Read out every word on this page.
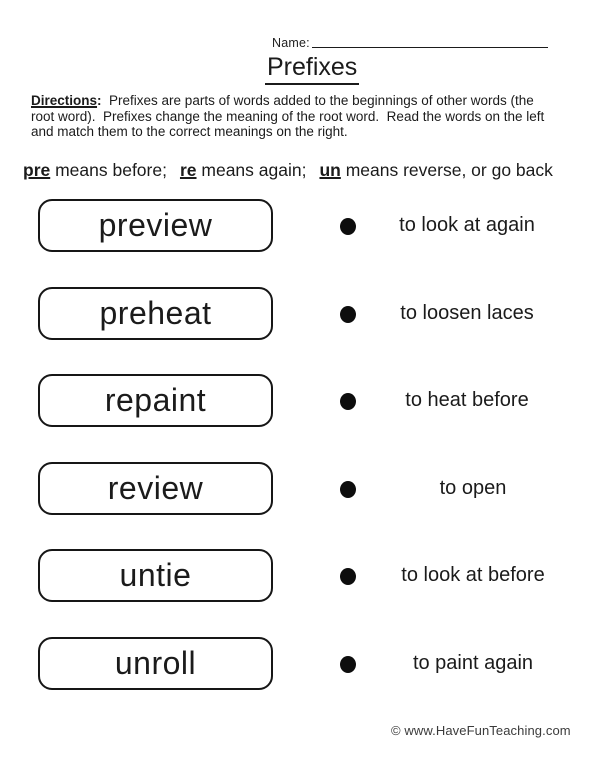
Name:
Prefixes
Directions:  Prefixes are parts of words added to the beginnings of other words (the
root word).  Prefixes change the meaning of the root word.  Read the words on the left
and match them to the correct meanings on the right.
pre means before; re means again; un means reverse, or go back
preview	to look at again
preheat	to loosen laces
repaint	to heat before
review	to open
untie	to look at before
unroll	to paint again
© www.HaveFunTeaching.com
